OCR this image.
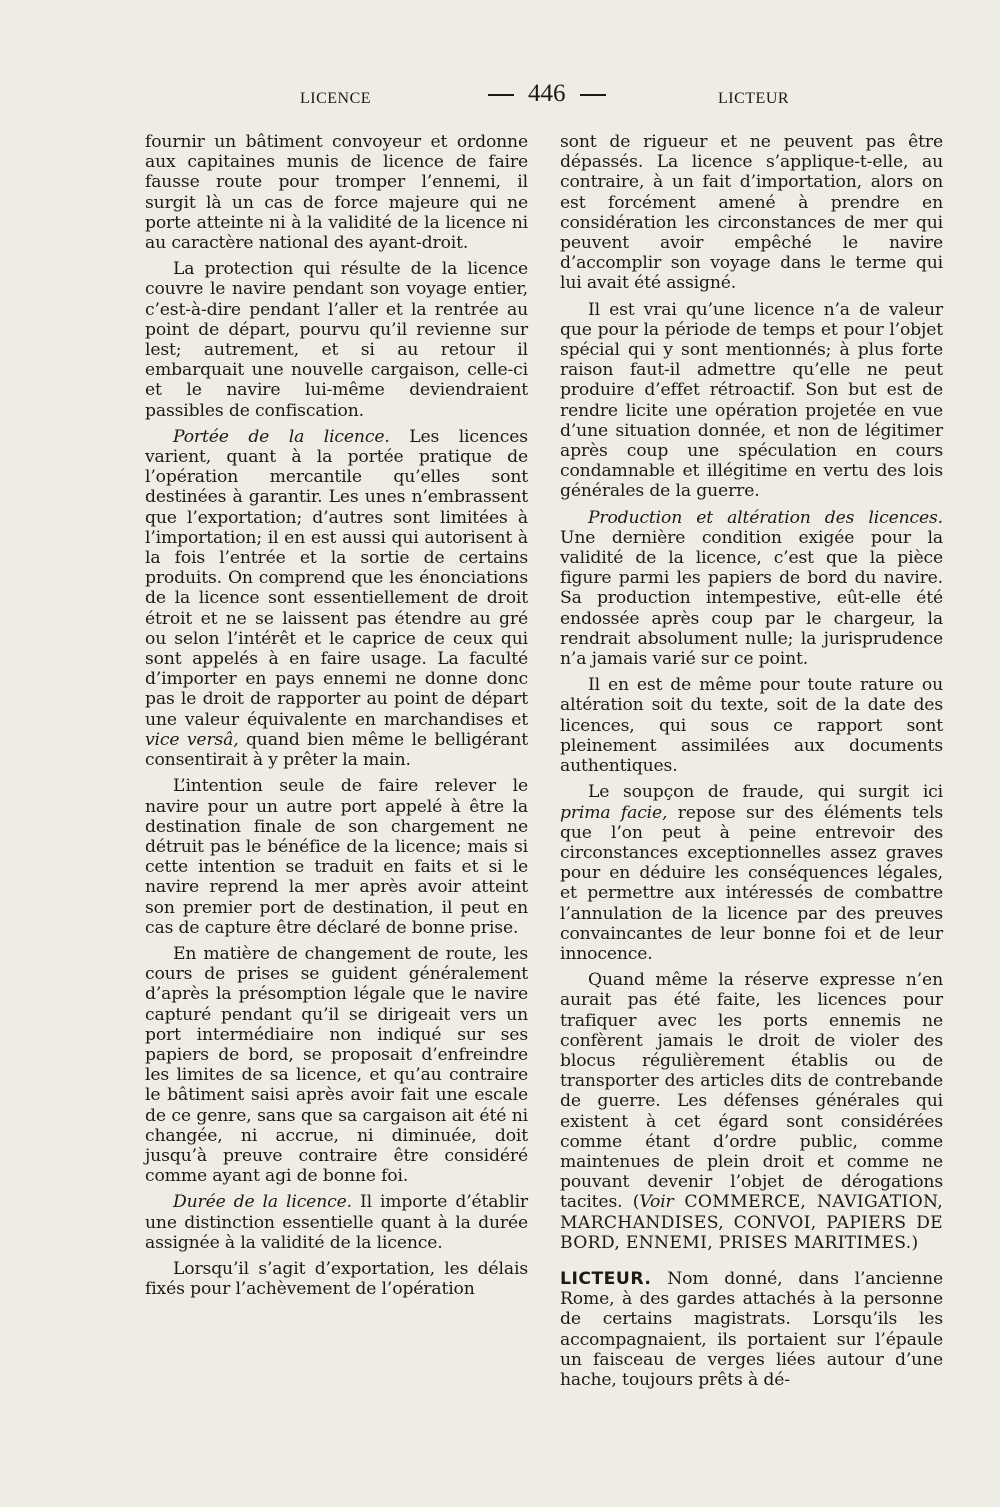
LICENCE	446	LICTEUR

fournir un bâtiment convoyeur et ordonne aux capitaines munis de licence de faire fausse route pour tromper l’ennemi, il surgit là un cas de force majeure qui ne porte atteinte ni à la validité de la licence ni au caractère national des ayant-droit.

La protection qui résulte de la licence couvre le navire pendant son voyage entier, c’est-à-dire pendant l’aller et la rentrée au point de départ, pourvu qu’il revienne sur lest; autrement, et si au retour il embarquait une nouvelle cargaison, celle-ci et le navire lui-même deviendraient passibles de confiscation.

Portée de la licence. Les licences varient, quant à la portée pratique de l’opération mercantile qu’elles sont destinées à garantir. Les unes n’embrassent que l’exportation; d’autres sont limitées à l’importation; il en est aussi qui autorisent à la fois l’entrée et la sortie de certains produits. On comprend que les énonciations de la licence sont essentiellement de droit étroit et ne se laissent pas étendre au gré ou selon l’intérêt et le caprice de ceux qui sont appelés à en faire usage. La faculté d’importer en pays ennemi ne donne donc pas le droit de rapporter au point de départ une valeur équivalente en marchandises et vice versâ, quand bien même le belligérant consentirait à y prêter la main.

L’intention seule de faire relever le navire pour un autre port appelé à être la destination finale de son chargement ne détruit pas le bénéfice de la licence; mais si cette intention se traduit en faits et si le navire reprend la mer après avoir atteint son premier port de destination, il peut en cas de capture être déclaré de bonne prise.

En matière de changement de route, les cours de prises se guident généralement d’après la présomption légale que le navire capturé pendant qu’il se dirigeait vers un port intermédiaire non indiqué sur ses papiers de bord, se proposait d’enfreindre les limites de sa licence, et qu’au contraire le bâtiment saisi après avoir fait une escale de ce genre, sans que sa cargaison ait été ni changée, ni accrue, ni diminuée, doit jusqu’à preuve contraire être considéré comme ayant agi de bonne foi.

Durée de la licence. Il importe d’établir une distinction essentielle quant à la durée assignée à la validité de la licence.

Lorsqu’il s’agit d’exportation, les délais fixés pour l’achèvement de l’opération

sont de rigueur et ne peuvent pas être dépassés. La licence s’applique-t-elle, au contraire, à un fait d’importation, alors on est forcément amené à prendre en considération les circonstances de mer qui peuvent avoir empêché le navire d’accomplir son voyage dans le terme qui lui avait été assigné.

Il est vrai qu’une licence n’a de valeur que pour la période de temps et pour l’objet spécial qui y sont mentionnés; à plus forte raison faut-il admettre qu’elle ne peut produire d’effet rétroactif. Son but est de rendre licite une opération projetée en vue d’une situation donnée, et non de légitimer après coup une spéculation en cours condamnable et illégitime en vertu des lois générales de la guerre.

Production et altération des licences. Une dernière condition exigée pour la validité de la licence, c’est que la pièce figure parmi les papiers de bord du navire. Sa production intempestive, eût-elle été endossée après coup par le chargeur, la rendrait absolument nulle; la jurisprudence n’a jamais varié sur ce point.

Il en est de même pour toute rature ou altération soit du texte, soit de la date des licences, qui sous ce rapport sont pleinement assimilées aux documents authentiques.

Le soupçon de fraude, qui surgit ici prima facie, repose sur des éléments tels que l’on peut à peine entrevoir des circonstances exceptionnelles assez graves pour en déduire les conséquences légales, et permettre aux intéressés de combattre l’annulation de la licence par des preuves convaincantes de leur bonne foi et de leur innocence.

Quand même la réserve expresse n’en aurait pas été faite, les licences pour trafiquer avec les ports ennemis ne confèrent jamais le droit de violer des blocus régulièrement établis ou de transporter des articles dits de contrebande de guerre. Les défenses générales qui existent à cet égard sont considérées comme étant d’ordre public, comme maintenues de plein droit et comme ne pouvant devenir l’objet de dérogations tacites. (Voir COMMERCE, NAVIGATION, MARCHANDISES, CONVOI, PAPIERS DE BORD, ENNEMI, PRISES MARITIMES.)

LICTEUR. Nom donné, dans l’ancienne Rome, à des gardes attachés à la personne de certains magistrats. Lorsqu’ils les accompagnaient, ils portaient sur l’épaule un faisceau de verges liées autour d’une hache, toujours prêts à dé-
